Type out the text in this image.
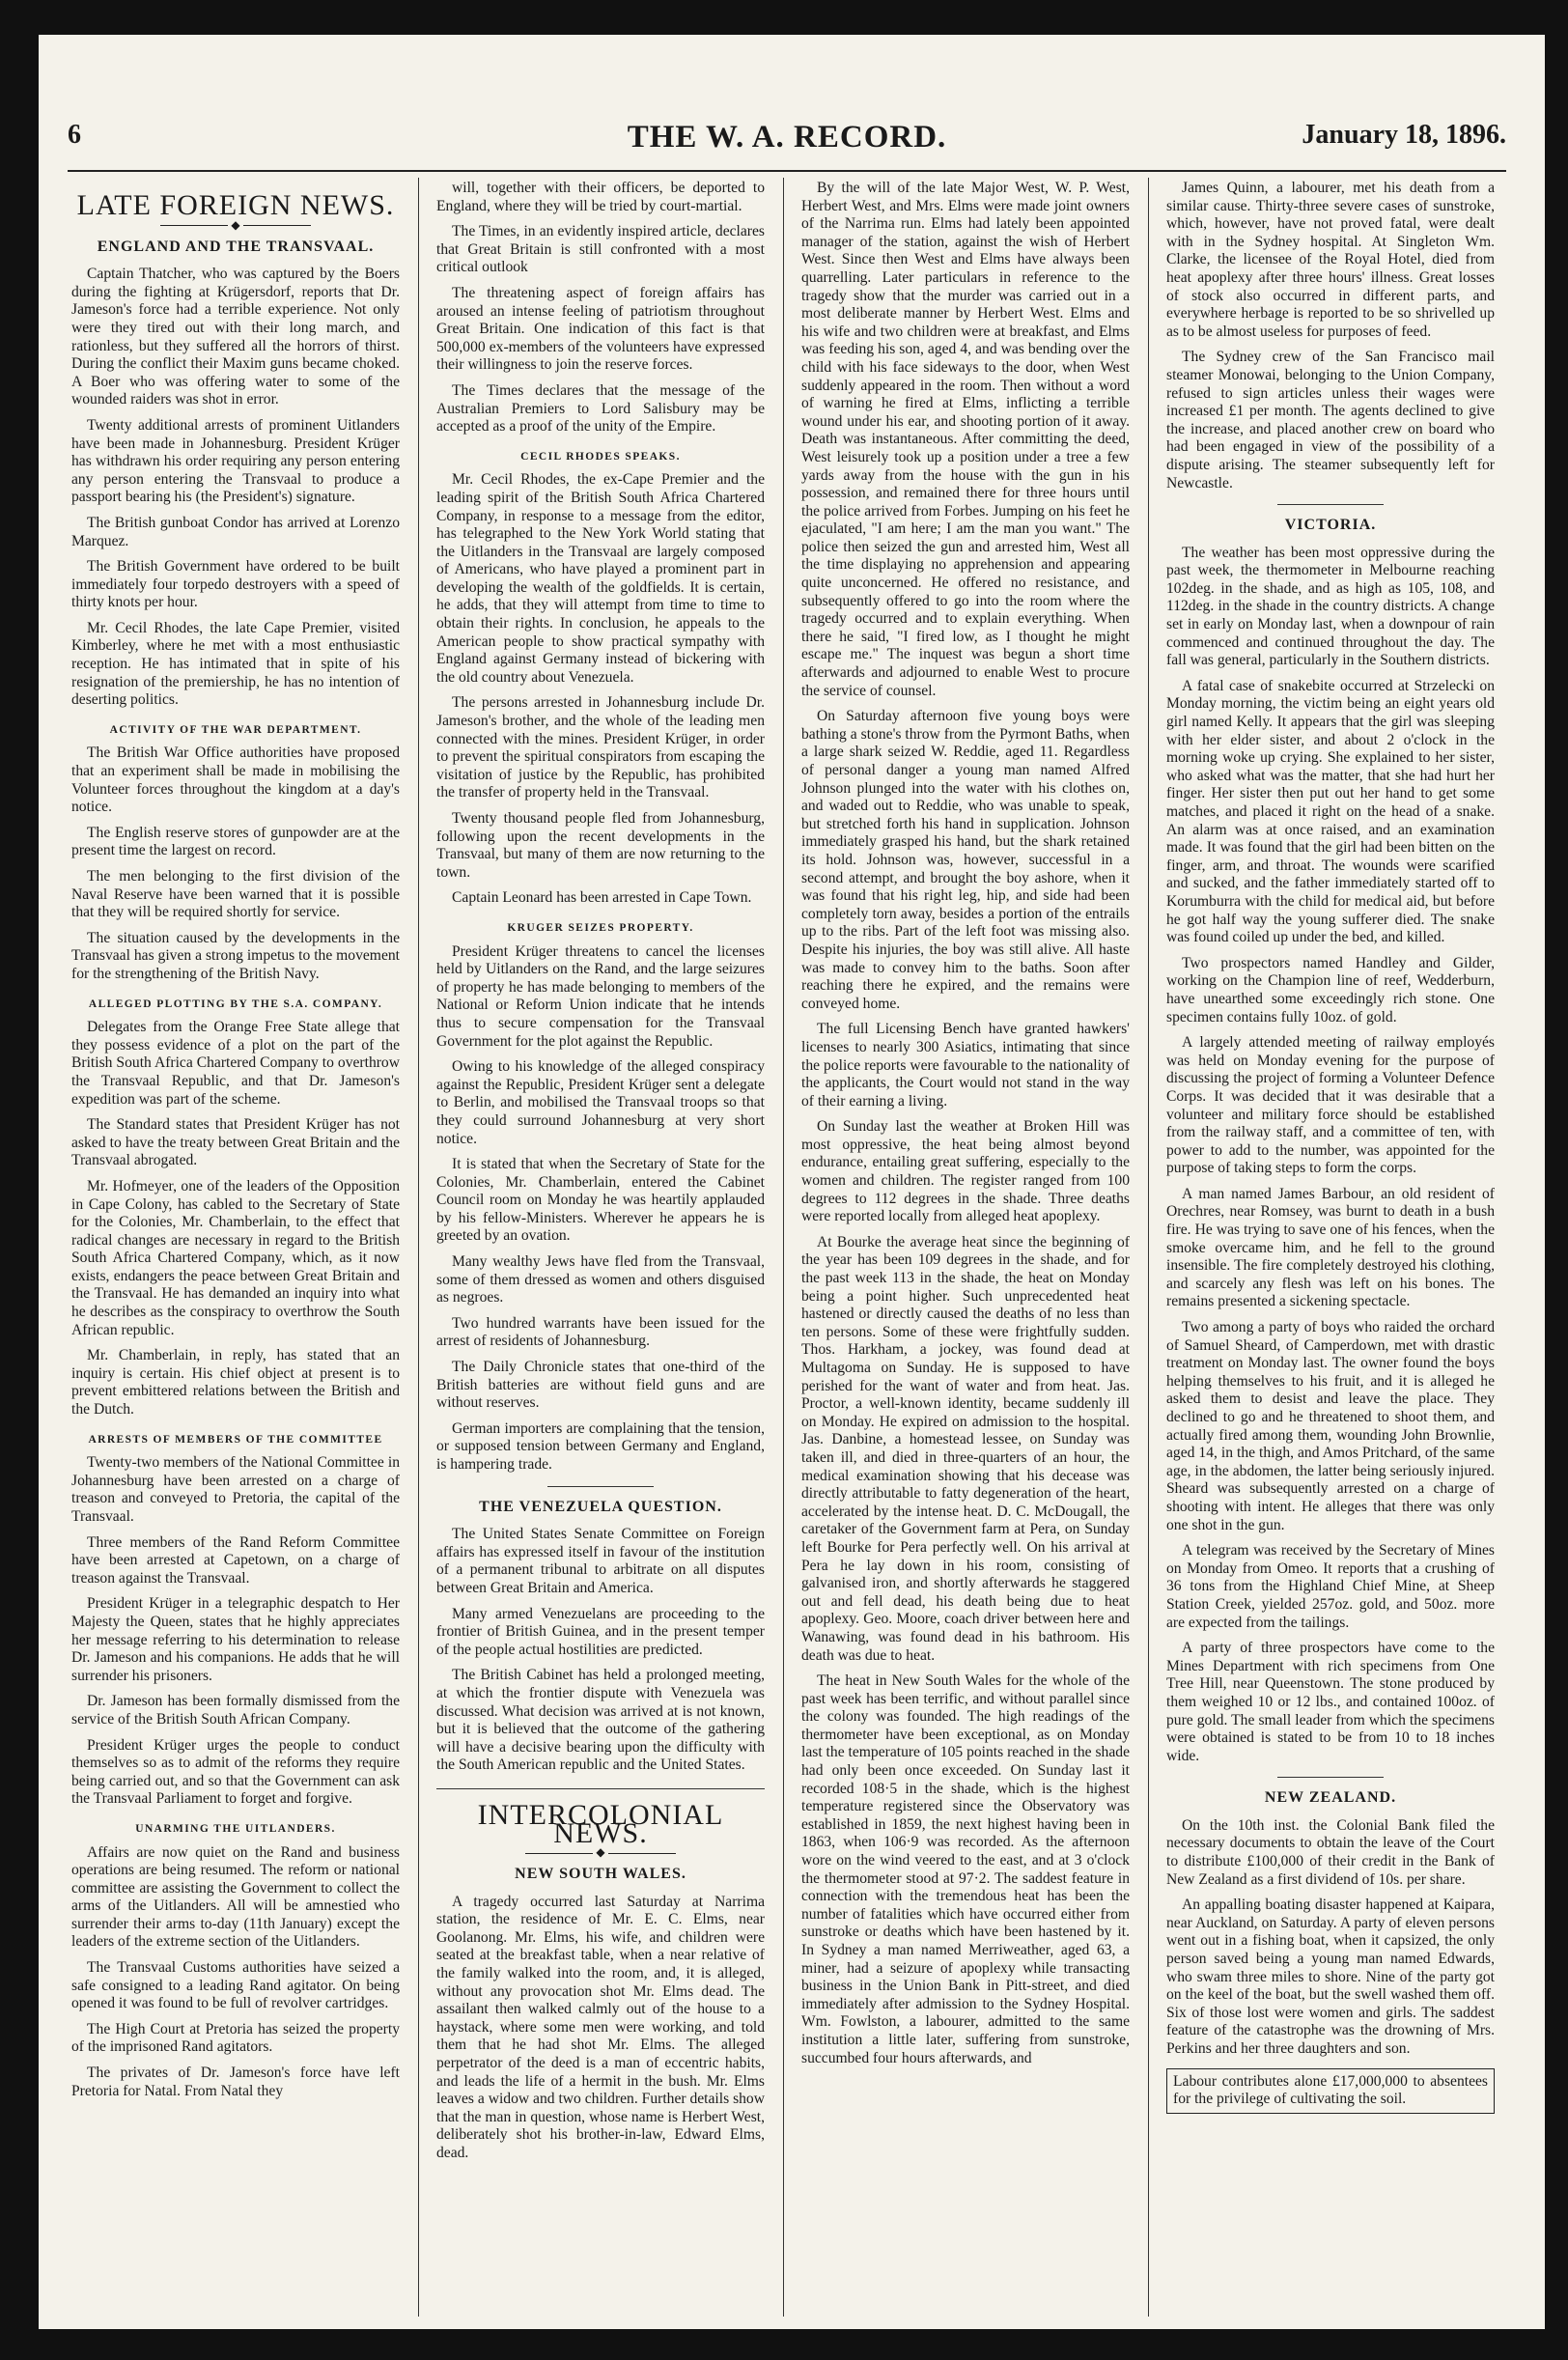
6	THE W. A. RECORD.	January 18, 1896.
LATE FOREIGN NEWS.
◆
ENGLAND AND THE TRANSVAAL.

Captain Thatcher, who was captured by the Boers during the fighting at Krügersdorf, reports that Dr. Jameson's force had a terrible experience. Not only were they tired out with their long march, and rationless, but they suffered all the horrors of thirst. During the conflict their Maxim guns became choked. A Boer who was offering water to some of the wounded raiders was shot in error.

Twenty additional arrests of prominent Uitlanders have been made in Johannesburg. President Krüger has withdrawn his order requiring any person entering any person entering the Transvaal to produce a passport bearing his (the President's) signature.

The British gunboat Condor has arrived at Lorenzo Marquez.

The British Government have ordered to be built immediately four torpedo destroyers with a speed of thirty knots per hour.

Mr. Cecil Rhodes, the late Cape Premier, visited Kimberley, where he met with a most enthusiastic reception. He has intimated that in spite of his resignation of the premiership, he has no intention of deserting politics.

ACTIVITY OF THE WAR DEPARTMENT.

The British War Office authorities have proposed that an experiment shall be made in mobilising the Volunteer forces throughout the kingdom at a day's notice.

The English reserve stores of gunpowder are at the present time the largest on record.

The men belonging to the first division of the Naval Reserve have been warned that it is possible that they will be required shortly for service.

The situation caused by the developments in the Transvaal has given a strong impetus to the movement for the strengthening of the British Navy.

ALLEGED PLOTTING BY THE S.A. COMPANY.

Delegates from the Orange Free State allege that they possess evidence of a plot on the part of the British South Africa Chartered Company to overthrow the Transvaal Republic, and that Dr. Jameson's expedition was part of the scheme.

The Standard states that President Krüger has not asked to have the treaty between Great Britain and the Transvaal abrogated.

Mr. Hofmeyer, one of the leaders of the Opposition in Cape Colony, has cabled to the Secretary of State for the Colonies, Mr. Chamberlain, to the effect that radical changes are necessary in regard to the British South Africa Chartered Company, which, as it now exists, endangers the peace between Great Britain and the Transvaal. He has demanded an inquiry into what he describes as the conspiracy to overthrow the South African republic.

Mr. Chamberlain, in reply, has stated that an inquiry is certain. His chief object at present is to prevent embittered relations between the British and the Dutch.

ARRESTS OF MEMBERS OF THE COMMITTEE

Twenty-two members of the National Committee in Johannesburg have been arrested on a charge of treason and conveyed to Pretoria, the capital of the Transvaal.

Three members of the Rand Reform Committee have been arrested at Capetown, on a charge of treason against the Transvaal.

President Krüger in a telegraphic despatch to Her Majesty the Queen, states that he highly appreciates her message referring to his determination to release Dr. Jameson and his companions. He adds that he will surrender his prisoners.

Dr. Jameson has been formally dismissed from the service of the British South African Company.

President Krüger urges the people to conduct themselves so as to admit of the reforms they require being carried out, and so that the Government can ask the Transvaal Parliament to forget and forgive.

UNARMING THE UITLANDERS.

Affairs are now quiet on the Rand and business operations are being resumed. The reform or national committee are assisting the Government to collect the arms of the Uitlanders. All will be amnestied who surrender their arms to-day (11th January) except the leaders of the extreme section of the Uitlanders.

The Transvaal Customs authorities have seized a safe consigned to a leading Rand agitator. On being opened it was found to be full of revolver cartridges.

The High Court at Pretoria has seized the property of the imprisoned Rand agitators.

The privates of Dr. Jameson's force have left Pretoria for Natal. From Natal they

will, together with their officers, be deported to England, where they will be tried by court-martial.

The Times, in an evidently inspired article, declares that Great Britain is still confronted with a most critical outlook

The threatening aspect of foreign affairs has aroused an intense feeling of patriotism throughout Great Britain. One indication of this fact is that 500,000 ex-members of the volunteers have expressed their willingness to join the reserve forces.

The Times declares that the message of the Australian Premiers to Lord Salisbury may be accepted as a proof of the unity of the Empire.

CECIL RHODES SPEAKS.

Mr. Cecil Rhodes, the ex-Cape Premier and the leading spirit of the British South Africa Chartered Company, in response to a message from the editor, has telegraphed to the New York World stating that the Uitlanders in the Transvaal are largely composed of Americans, who have played a prominent part in developing the wealth of the goldfields. It is certain, he adds, that they will attempt from time to time to obtain their rights. In conclusion, he appeals to the American people to show practical sympathy with England against Germany instead of bickering with the old country about Venezuela.

The persons arrested in Johannesburg include Dr. Jameson's brother, and the whole of the leading men connected with the mines. President Krüger, in order to prevent the spiritual conspirators from escaping the visitation of justice by the Republic, has prohibited the transfer of property held in the Transvaal.

Twenty thousand people fled from Johannesburg, following upon the recent developments in the Transvaal, but many of them are now returning to the town.

Captain Leonard has been arrested in Cape Town.

KRUGER SEIZES PROPERTY.

President Krüger threatens to cancel the licenses held by Uitlanders on the Rand, and the large seizures of property he has made belonging to members of the National or Reform Union indicate that he intends thus to secure compensation for the Transvaal Government for the plot against the Republic.

Owing to his knowledge of the alleged conspiracy against the Republic, President Krüger sent a delegate to Berlin, and mobilised the Transvaal troops so that they could surround Johannesburg at very short notice.

It is stated that when the Secretary of State for the Colonies, Mr. Chamberlain, entered the Cabinet Council room on Monday he was heartily applauded by his fellow-Ministers. Wherever he appears he is greeted by an ovation.

Many wealthy Jews have fled from the Transvaal, some of them dressed as women and others disguised as negroes.

Two hundred warrants have been issued for the arrest of residents of Johannesburg.

The Daily Chronicle states that one-third of the British batteries are without field guns and are without reserves.

German importers are complaining that the tension, or supposed tension between Germany and England, is hampering trade.

THE VENEZUELA QUESTION.

The United States Senate Committee on Foreign affairs has expressed itself in favour of the institution of a permanent tribunal to arbitrate on all disputes between Great Britain and America.

Many armed Venezuelans are proceeding to the frontier of British Guinea, and in the present temper of the people actual hostilities are predicted.

The British Cabinet has held a prolonged meeting, at which the frontier dispute with Venezuela was discussed. What decision was arrived at is not known, but it is believed that the outcome of the gathering will have a decisive bearing upon the difficulty with the South American republic and the United States.

INTERCOLONIAL NEWS.
◆
NEW SOUTH WALES.

A tragedy occurred last Saturday at Narrima station, the residence of Mr. E. C. Elms, near Goolanong. Mr. Elms, his wife, and children were seated at the breakfast table, when a near relative of the family walked into the room, and, it is alleged, without any provocation shot Mr. Elms dead. The assailant then walked calmly out of the house to a haystack, where some men were working, and told them that he had shot Mr. Elms. The alleged perpetrator of the deed is a man of eccentric habits, and leads the life of a hermit in the bush. Mr. Elms leaves a widow and two children. Further details show that the man in question, whose name is Herbert West, deliberately shot his brother-in-law, Edward Elms, dead.

By the will of the late Major West, W. P. West, Herbert West, and Mrs. Elms were made joint owners of the Narrima run. Elms had lately been appointed manager of the station, against the wish of Herbert West. Since then West and Elms have always been quarrelling. Later particulars in reference to the tragedy show that the murder was carried out in a most deliberate manner by Herbert West. Elms and his wife and two children were at breakfast, and Elms was feeding his son, aged 4, and was bending over the child with his face sideways to the door, when West suddenly appeared in the room. Then without a word of warning he fired at Elms, inflicting a terrible wound under his ear, and shooting portion of it away. Death was instantaneous. After committing the deed, West leisurely took up a position under a tree a few yards away from the house with the gun in his possession, and remained there for three hours until the police arrived from Forbes. Jumping on his feet he ejaculated, "I am here; I am the man you want." The police then seized the gun and arrested him, West all the time displaying no apprehension and appearing quite unconcerned. He offered no resistance, and subsequently offered to go into the room where the tragedy occurred and to explain everything. When there he said, "I fired low, as I thought he might escape me." The inquest was begun a short time afterwards and adjourned to enable West to procure the service of counsel.

On Saturday afternoon five young boys were bathing a stone's throw from the Pyrmont Baths, when a large shark seized W. Reddie, aged 11. Regardless of personal danger a young man named Alfred Johnson plunged into the water with his clothes on, and waded out to Reddie, who was unable to speak, but stretched forth his hand in supplication. Johnson immediately grasped his hand, but the shark retained its hold. Johnson was, however, successful in a second attempt, and brought the boy ashore, when it was found that his right leg, hip, and side had been completely torn away, besides a portion of the entrails up to the ribs. Part of the left foot was missing also. Despite his injuries, the boy was still alive. All haste was made to convey him to the baths. Soon after reaching there he expired, and the remains were conveyed home.

The full Licensing Bench have granted hawkers' licenses to nearly 300 Asiatics, intimating that since the police reports were favourable to the nationality of the applicants, the Court would not stand in the way of their earning a living.

On Sunday last the weather at Broken Hill was most oppressive, the heat being almost beyond endurance, entailing great suffering, especially to the women and children. The register ranged from 100 degrees to 112 degrees in the shade. Three deaths were reported locally from alleged heat apoplexy.

At Bourke the average heat since the beginning of the year has been 109 degrees in the shade, and for the past week 113 in the shade, the heat on Monday being a point higher. Such unprecedented heat hastened or directly caused the deaths of no less than ten persons. Some of these were frightfully sudden. Thos. Harkham, a jockey, was found dead at Multagoma on Sunday. He is supposed to have perished for the want of water and from heat. Jas. Proctor, a well-known identity, became suddenly ill on Monday. He expired on admission to the hospital. Jas. Danbine, a homestead lessee, on Sunday was taken ill, and died in three-quarters of an hour, the medical examination showing that his decease was directly attributable to fatty degeneration of the heart, accelerated by the intense heat. D. C. McDougall, the caretaker of the Government farm at Pera, on Sunday left Bourke for Pera perfectly well. On his arrival at Pera he lay down in his room, consisting of galvanised iron, and shortly afterwards he staggered out and fell dead, his death being due to heat apoplexy. Geo. Moore, coach driver between here and Wanawing, was found dead in his bathroom. His death was due to heat.

The heat in New South Wales for the whole of the past week has been terrific, and without parallel since the colony was founded. The high readings of the thermometer have been exceptional, as on Monday last the temperature of 105 points reached in the shade had only been once exceeded. On Sunday last it recorded 108·5 in the shade, which is the highest temperature registered since the Observatory was established in 1859, the next highest having been in 1863, when 106·9 was recorded. As the afternoon wore on the wind veered to the east, and at 3 o'clock the thermometer stood at 97·2. The saddest feature in connection with the tremendous heat has been the number of fatalities which have occurred either from sunstroke or deaths which have been hastened by it. In Sydney a man named Merriweather, aged 63, a miner, had a seizure of apoplexy while transacting business in the Union Bank in Pitt-street, and died immediately after admission to the Sydney Hospital. Wm. Fowlston, a labourer, admitted to the same institution a little later, suffering from sunstroke, succumbed four hours afterwards, and

James Quinn, a labourer, met his death from a similar cause. Thirty-three severe cases of sunstroke, which, however, have not proved fatal, were dealt with in the Sydney hospital. At Singleton Wm. Clarke, the licensee of the Royal Hotel, died from heat apoplexy after three hours' illness. Great losses of stock also occurred in different parts, and everywhere herbage is reported to be so shrivelled up as to be almost useless for purposes of feed.

The Sydney crew of the San Francisco mail steamer Monowai, belonging to the Union Company, refused to sign articles unless their wages were increased £1 per month. The agents declined to give the increase, and placed another crew on board who had been engaged in view of the possibility of a dispute arising. The steamer subsequently left for Newcastle.

VICTORIA.

The weather has been most oppressive during the past week, the thermometer in Melbourne reaching 102deg. in the shade, and as high as 105, 108, and 112deg. in the shade in the country districts. A change set in early on Monday last, when a downpour of rain commenced and continued throughout the day. The fall was general, particularly in the Southern districts.

A fatal case of snakebite occurred at Strzelecki on Monday morning, the victim being an eight years old girl named Kelly. It appears that the girl was sleeping with her elder sister, and about 2 o'clock in the morning woke up crying. She explained to her sister, who asked what was the matter, that she had hurt her finger. Her sister then put out her hand to get some matches, and placed it right on the head of a snake. An alarm was at once raised, and an examination made. It was found that the girl had been bitten on the finger, arm, and throat. The wounds were scarified and sucked, and the father immediately started off to Korumburra with the child for medical aid, but before he got half way the young sufferer died. The snake was found coiled up under the bed, and killed.

Two prospectors named Handley and Gilder, working on the Champion line of reef, Wedderburn, have unearthed some exceedingly rich stone. One specimen contains fully 10oz. of gold.

A largely attended meeting of railway employés was held on Monday evening for the purpose of discussing the project of forming a Volunteer Defence Corps. It was decided that it was desirable that a volunteer and military force should be established from the railway staff, and a committee of ten, with power to add to the number, was appointed for the purpose of taking steps to form the corps.

A man named James Barbour, an old resident of Orechres, near Romsey, was burnt to death in a bush fire. He was trying to save one of his fences, when the smoke overcame him, and he fell to the ground insensible. The fire completely destroyed his clothing, and scarcely any flesh was left on his bones. The remains presented a sickening spectacle.

Two among a party of boys who raided the orchard of Samuel Sheard, of Camperdown, met with drastic treatment on Monday last. The owner found the boys helping themselves to his fruit, and it is alleged he asked them to desist and leave the place. They declined to go and he threatened to shoot them, and actually fired among them, wounding John Brownlie, aged 14, in the thigh, and Amos Pritchard, of the same age, in the abdomen, the latter being seriously injured. Sheard was subsequently arrested on a charge of shooting with intent. He alleges that there was only one shot in the gun.

A telegram was received by the Secretary of Mines on Monday from Omeo. It reports that a crushing of 36 tons from the Highland Chief Mine, at Sheep Station Creek, yielded 257oz. gold, and 50oz. more are expected from the tailings.

A party of three prospectors have come to the Mines Department with rich specimens from One Tree Hill, near Queenstown. The stone produced by them weighed 10 or 12 lbs., and contained 100oz. of pure gold. The small leader from which the specimens were obtained is stated to be from 10 to 18 inches wide.

NEW ZEALAND.

On the 10th inst. the Colonial Bank filed the necessary documents to obtain the leave of the Court to distribute £100,000 of their credit in the Bank of New Zealand as a first dividend of 10s. per share.

An appalling boating disaster happened at Kaipara, near Auckland, on Saturday. A party of eleven persons went out in a fishing boat, when it capsized, the only person saved being a young man named Edwards, who swam three miles to shore. Nine of the party got on the keel of the boat, but the swell washed them off. Six of those lost were women and girls. The saddest feature of the catastrophe was the drowning of Mrs. Perkins and her three daughters and son.

Labour contributes alone £17,000,000 to absentees for the privilege of cultivating the soil.
